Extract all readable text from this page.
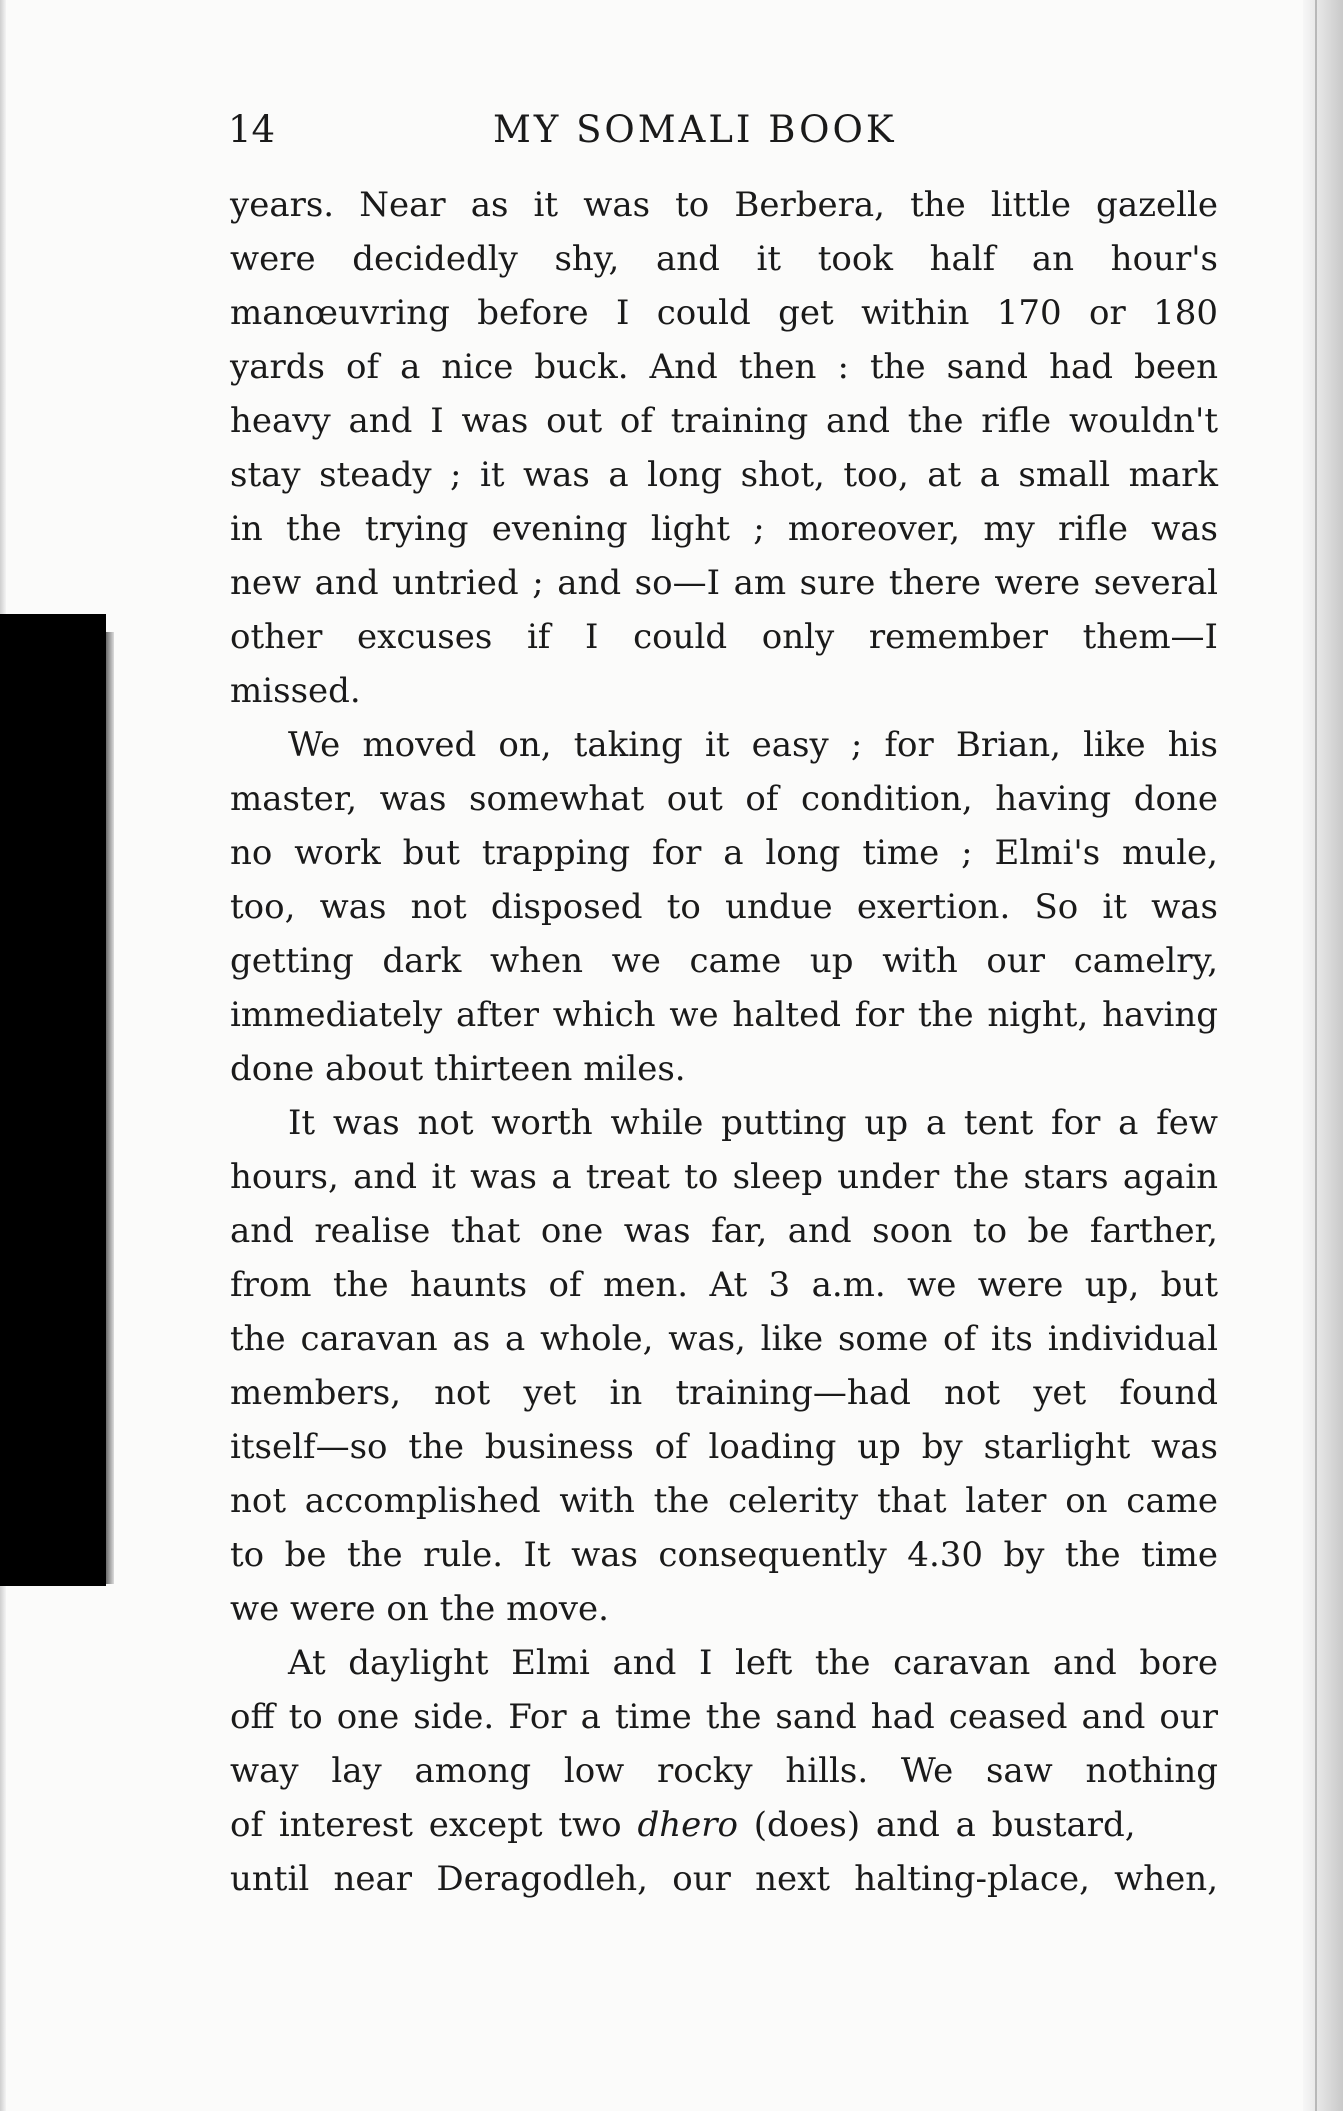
14	MY SOMALI BOOK
years. Near as it was to Berbera, the little gazelle
were decidedly shy, and it took half an hour's
manœuvring before I could get within 170 or 180
yards of a nice buck. And then : the sand had been
heavy and I was out of training and the rifle wouldn't
stay steady ; it was a long shot, too, at a small mark
in the trying evening light ; moreover, my rifle was
new and untried ; and so—I am sure there were several
other excuses if I could only remember them—I
missed.
We moved on, taking it easy ; for Brian, like his
master, was somewhat out of condition, having done
no work but trapping for a long time ; Elmi's mule,
too, was not disposed to undue exertion. So it was
getting dark when we came up with our camelry,
immediately after which we halted for the night, having
done about thirteen miles.
It was not worth while putting up a tent for a few
hours, and it was a treat to sleep under the stars again
and realise that one was far, and soon to be farther,
from the haunts of men. At 3 a.m. we were up, but
the caravan as a whole, was, like some of its individual
members, not yet in training—had not yet found
itself—so the business of loading up by starlight was
not accomplished with the celerity that later on came
to be the rule. It was consequently 4.30 by the time
we were on the move.
At daylight Elmi and I left the caravan and bore
off to one side. For a time the sand had ceased and our
way lay among low rocky hills. We saw nothing
of interest except two dhero (does) and a bustard,
until near Deragodleh, our next halting-place, when,
